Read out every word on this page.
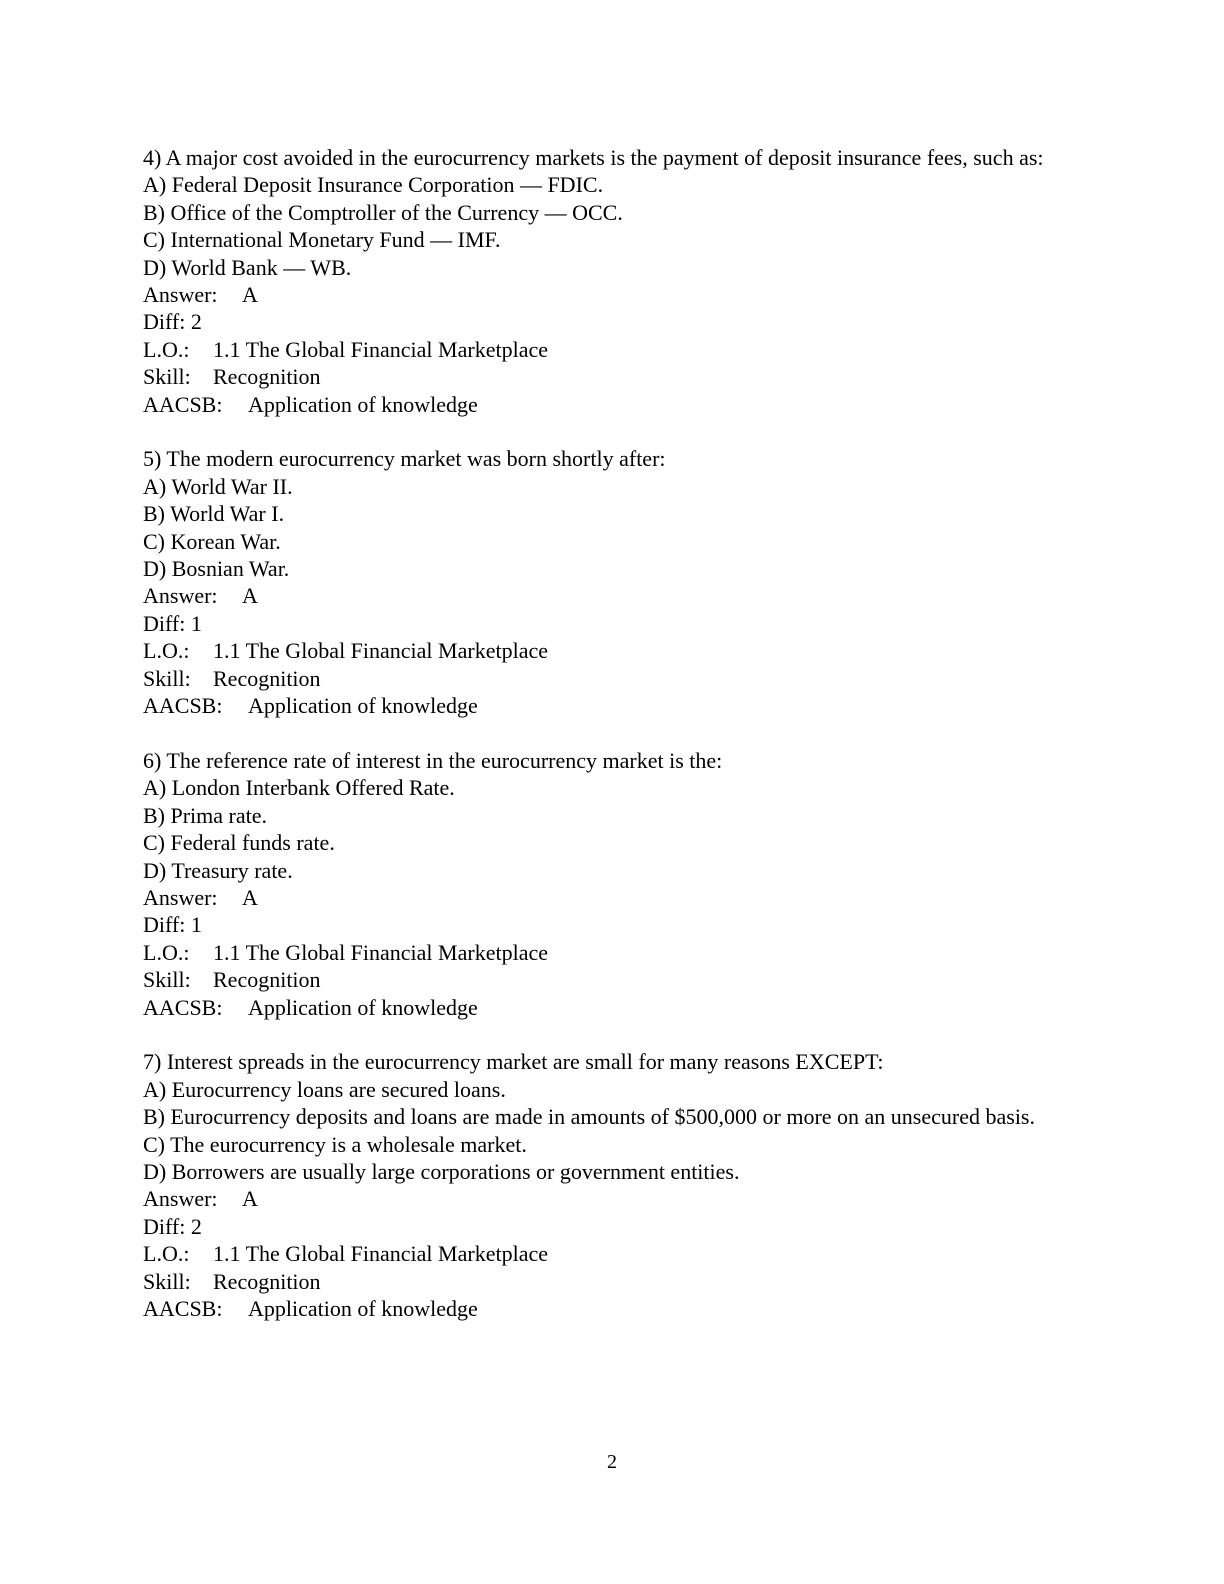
4) A major cost avoided in the eurocurrency markets is the payment of deposit insurance fees, such as:
A) Federal Deposit Insurance Corporation — FDIC.
B) Office of the Comptroller of the Currency — OCC.
C) International Monetary Fund — IMF.
D) World Bank — WB.
Answer: A
Diff: 2
L.O.: 1.1 The Global Financial Marketplace
Skill: Recognition
AACSB: Application of knowledge
5) The modern eurocurrency market was born shortly after:
A) World War II.
B) World War I.
C) Korean War.
D) Bosnian War.
Answer: A
Diff: 1
L.O.: 1.1 The Global Financial Marketplace
Skill: Recognition
AACSB: Application of knowledge
6) The reference rate of interest in the eurocurrency market is the:
A) London Interbank Offered Rate.
B) Prima rate.
C) Federal funds rate.
D) Treasury rate.
Answer: A
Diff: 1
L.O.: 1.1 The Global Financial Marketplace
Skill: Recognition
AACSB: Application of knowledge
7) Interest spreads in the eurocurrency market are small for many reasons EXCEPT:
A) Eurocurrency loans are secured loans.
B) Eurocurrency deposits and loans are made in amounts of $500,000 or more on an unsecured basis.
C) The eurocurrency is a wholesale market.
D) Borrowers are usually large corporations or government entities.
Answer: A
Diff: 2
L.O.: 1.1 The Global Financial Marketplace
Skill: Recognition
AACSB: Application of knowledge
2
